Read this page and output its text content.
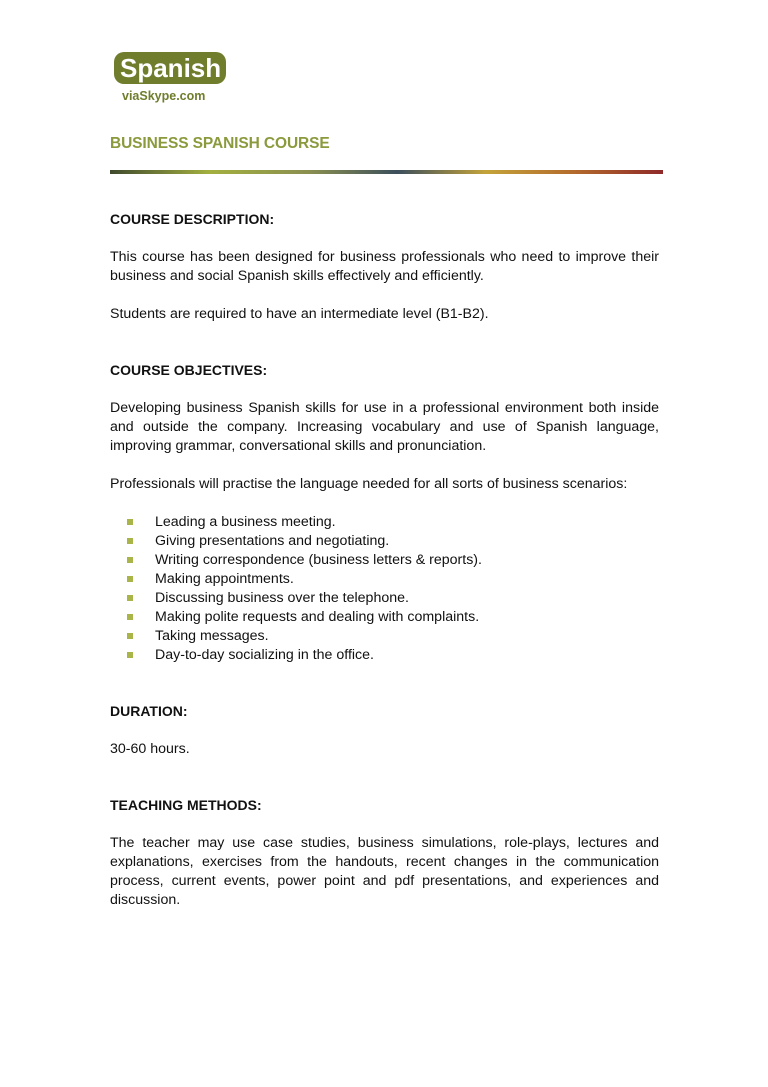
Spanish
viaSkype.com
BUSINESS SPANISH COURSE

COURSE DESCRIPTION:

This course has been designed for business professionals who need to improve their business and social Spanish skills effectively and efficiently.

Students are required to have an intermediate level (B1-B2).

COURSE OBJECTIVES:

Developing business Spanish skills for use in a professional environment both inside and outside the company. Increasing vocabulary and use of Spanish language, improving grammar, conversational skills and pronunciation.

Professionals will practise the language needed for all sorts of business scenarios:

Leading a business meeting.
Giving presentations and negotiating.
Writing correspondence (business letters & reports).
Making appointments.
Discussing business over the telephone.
Making polite requests and dealing with complaints.
Taking messages.
Day-to-day socializing in the office.

DURATION:

30-60 hours.

TEACHING METHODS:

The teacher may use case studies, business simulations, role-plays, lectures and explanations, exercises from the handouts, recent changes in the communication process, current events, power point and pdf presentations, and experiences and discussion.
